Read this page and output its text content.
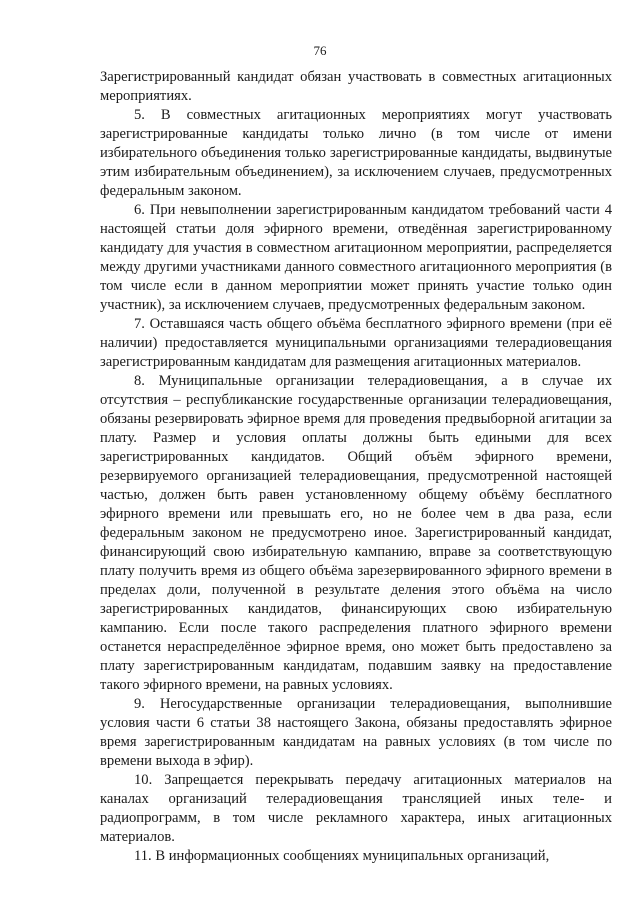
76

Зарегистрированный кандидат обязан участвовать в совместных агитационных мероприятиях.

5. В совместных агитационных мероприятиях могут участвовать зарегистрированные кандидаты только лично (в том числе от имени избирательного объединения только зарегистрированные кандидаты, выдвинутые этим избирательным объединением), за исключением случаев, предусмотренных федеральным законом.

6. При невыполнении зарегистрированным кандидатом требований части 4 настоящей статьи доля эфирного времени, отведённая зарегистрированному кандидату для участия в совместном агитационном мероприятии, распределяется между другими участниками данного совместного агитационного мероприятия (в том числе если в данном мероприятии может принять участие только один участник), за исключением случаев, предусмотренных федеральным законом.

7. Оставшаяся часть общего объёма бесплатного эфирного времени (при её наличии) предоставляется муниципальными организациями телерадиовещания зарегистрированным кандидатам для размещения агитационных материалов.

8. Муниципальные организации телерадиовещания, а в случае их отсутствия – республиканские государственные организации телерадиовещания, обязаны резервировать эфирное время для проведения предвыборной агитации за плату. Размер и условия оплаты должны быть едиными для всех зарегистрированных кандидатов. Общий объём эфирного времени, резервируемого организацией телерадиовещания, предусмотренной настоящей частью, должен быть равен установленному общему объёму бесплатного эфирного времени или превышать его, но не более чем в два раза, если федеральным законом не предусмотрено иное. Зарегистрированный кандидат, финансирующий свою избирательную кампанию, вправе за соответствующую плату получить время из общего объёма зарезервированного эфирного времени в пределах доли, полученной в результате деления этого объёма на число зарегистрированных кандидатов, финансирующих свою избирательную кампанию. Если после такого распределения платного эфирного времени останется нераспределённое эфирное время, оно может быть предоставлено за плату зарегистрированным кандидатам, подавшим заявку на предоставление такого эфирного времени, на равных условиях.

9. Негосударственные организации телерадиовещания, выполнившие условия части 6 статьи 38 настоящего Закона, обязаны предоставлять эфирное время зарегистрированным кандидатам на равных условиях (в том числе по времени выхода в эфир).

10. Запрещается перекрывать передачу агитационных материалов на каналах организаций телерадиовещания трансляцией иных теле- и радиопрограмм, в том числе рекламного характера, иных агитационных материалов.

11. В информационных сообщениях муниципальных организаций,
